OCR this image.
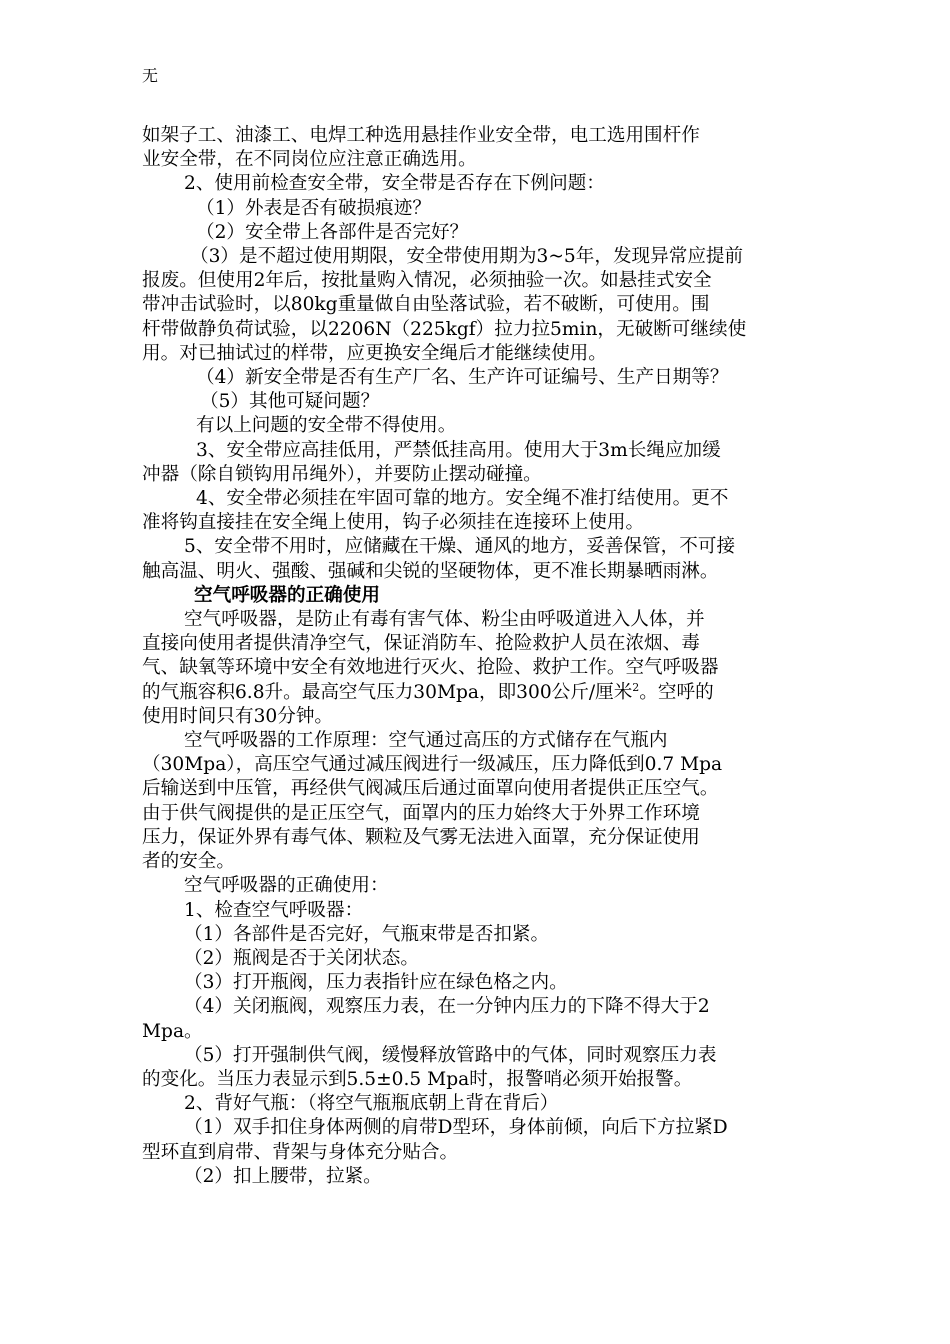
无

如架子工、油漆工、电焊工种选用悬挂作业安全带，电工选用围杆作

业安全带，在不同岗位应注意正确选用。

2、使用前检查安全带，安全带是否存在下例问题：

（1）外表是否有破损痕迹？

（2）安全带上各部件是否完好？

（3）是不超过使用期限，安全带使用期为3~5年，发现异常应提前

报废。但使用2年后，按批量购入情况，必须抽验一次。如悬挂式安全

带冲击试验时，以80kg重量做自由坠落试验，若不破断，可使用。围

杆带做静负荷试验，以2206N（225kgf）拉力拉5min，无破断可继续使

用。对已抽试过的样带，应更换安全绳后才能继续使用。

（4）新安全带是否有生产厂名、生产许可证编号、生产日期等？

（5）其他可疑问题？

有以上问题的安全带不得使用。

3、安全带应高挂低用，严禁低挂高用。使用大于3m长绳应加缓

冲器（除自锁钩用吊绳外），并要防止摆动碰撞。

4、安全带必须挂在牢固可靠的地方。安全绳不准打结使用。更不

准将钩直接挂在安全绳上使用，钩子必须挂在连接环上使用。

5、安全带不用时，应储藏在干燥、通风的地方，妥善保管，不可接

触高温、明火、强酸、强碱和尖锐的坚硬物体，更不准长期暴晒雨淋。

空气呼吸器的正确使用

空气呼吸器，是防止有毒有害气体、粉尘由呼吸道进入人体，并

直接向使用者提供清净空气，保证消防车、抢险救护人员在浓烟、毒

气、缺氧等环境中安全有效地进行灭火、抢险、救护工作。空气呼吸器

的气瓶容积6.8升。最高空气压力30Mpa，即300公斤/厘米$^2$。空呼的

使用时间只有30分钟。

空气呼吸器的工作原理：空气通过高压的方式储存在气瓶内

（30Mpa），高压空气通过减压阀进行一级减压，压力降低到0.7 Mpa

后输送到中压管，再经供气阀减压后通过面罩向使用者提供正压空气。

由于供气阀提供的是正压空气，面罩内的压力始终大于外界工作环境

压力，保证外界有毒气体、颗粒及气雾无法进入面罩，充分保证使用

者的安全。

空气呼吸器的正确使用：

1、检查空气呼吸器：

（1）各部件是否完好，气瓶束带是否扣紧。

（2）瓶阀是否于关闭状态。

（3）打开瓶阀，压力表指针应在绿色格之内。

（4）关闭瓶阀，观察压力表，在一分钟内压力的下降不得大于2

Mpa。

（5）打开强制供气阀，缓慢释放管路中的气体，同时观察压力表

的变化。当压力表显示到5.5±0.5 Mpa时，报警哨必须开始报警。

2、背好气瓶：（将空气瓶瓶底朝上背在背后）

（1）双手扣住身体两侧的肩带D型环，身体前倾，向后下方拉紧D

型环直到肩带、背架与身体充分贴合。

（2）扣上腰带，拉紧。
